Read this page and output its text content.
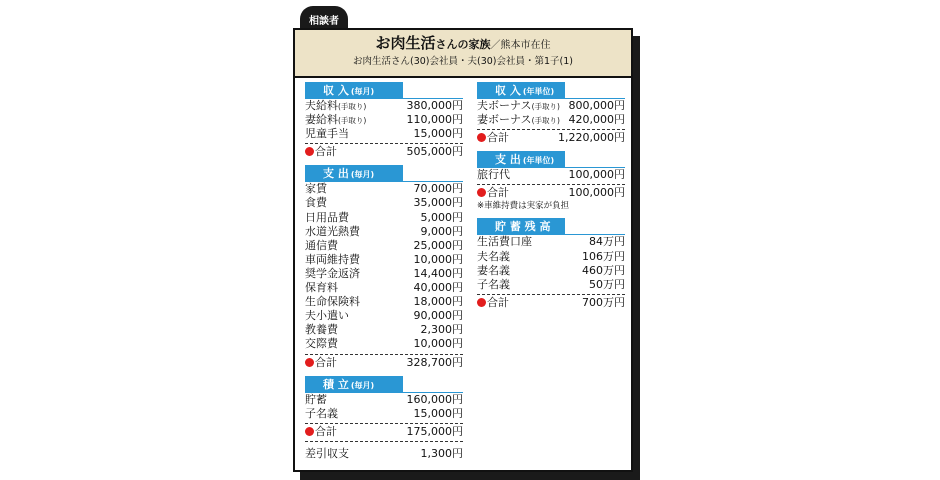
相談者
お肉生活さんの家族／熊本市在住
お肉生活さん(30)会社員・夫(30)会社員・第1子(1)
収 入 (毎月)
夫給料(手取り)	380,000円
妻給料(手取り)	110,000円
児童手当	15,000円
合計	505,000円
支 出 (毎月)
家賃	70,000円
食費	35,000円
日用品費	5,000円
水道光熱費	9,000円
通信費	25,000円
車両維持費	10,000円
奨学金返済	14,400円
保育料	40,000円
生命保険料	18,000円
夫小遣い	90,000円
教養費	2,300円
交際費	10,000円
合計	328,700円
積 立 (毎月)
貯蓄	160,000円
子名義	15,000円
合計	175,000円
差引収支	1,300円
収 入 (年単位)
夫ボーナス(手取り) 800,000円
妻ボーナス(手取り) 420,000円
合計	1,220,000円
支 出 (年単位)
旅行代	100,000円
合計	100,000円
※車維持費は実家が負担
貯 蓄 残 高
生活費口座	84万円
夫名義	106万円
妻名義	460万円
子名義	50万円
合計	700万円
